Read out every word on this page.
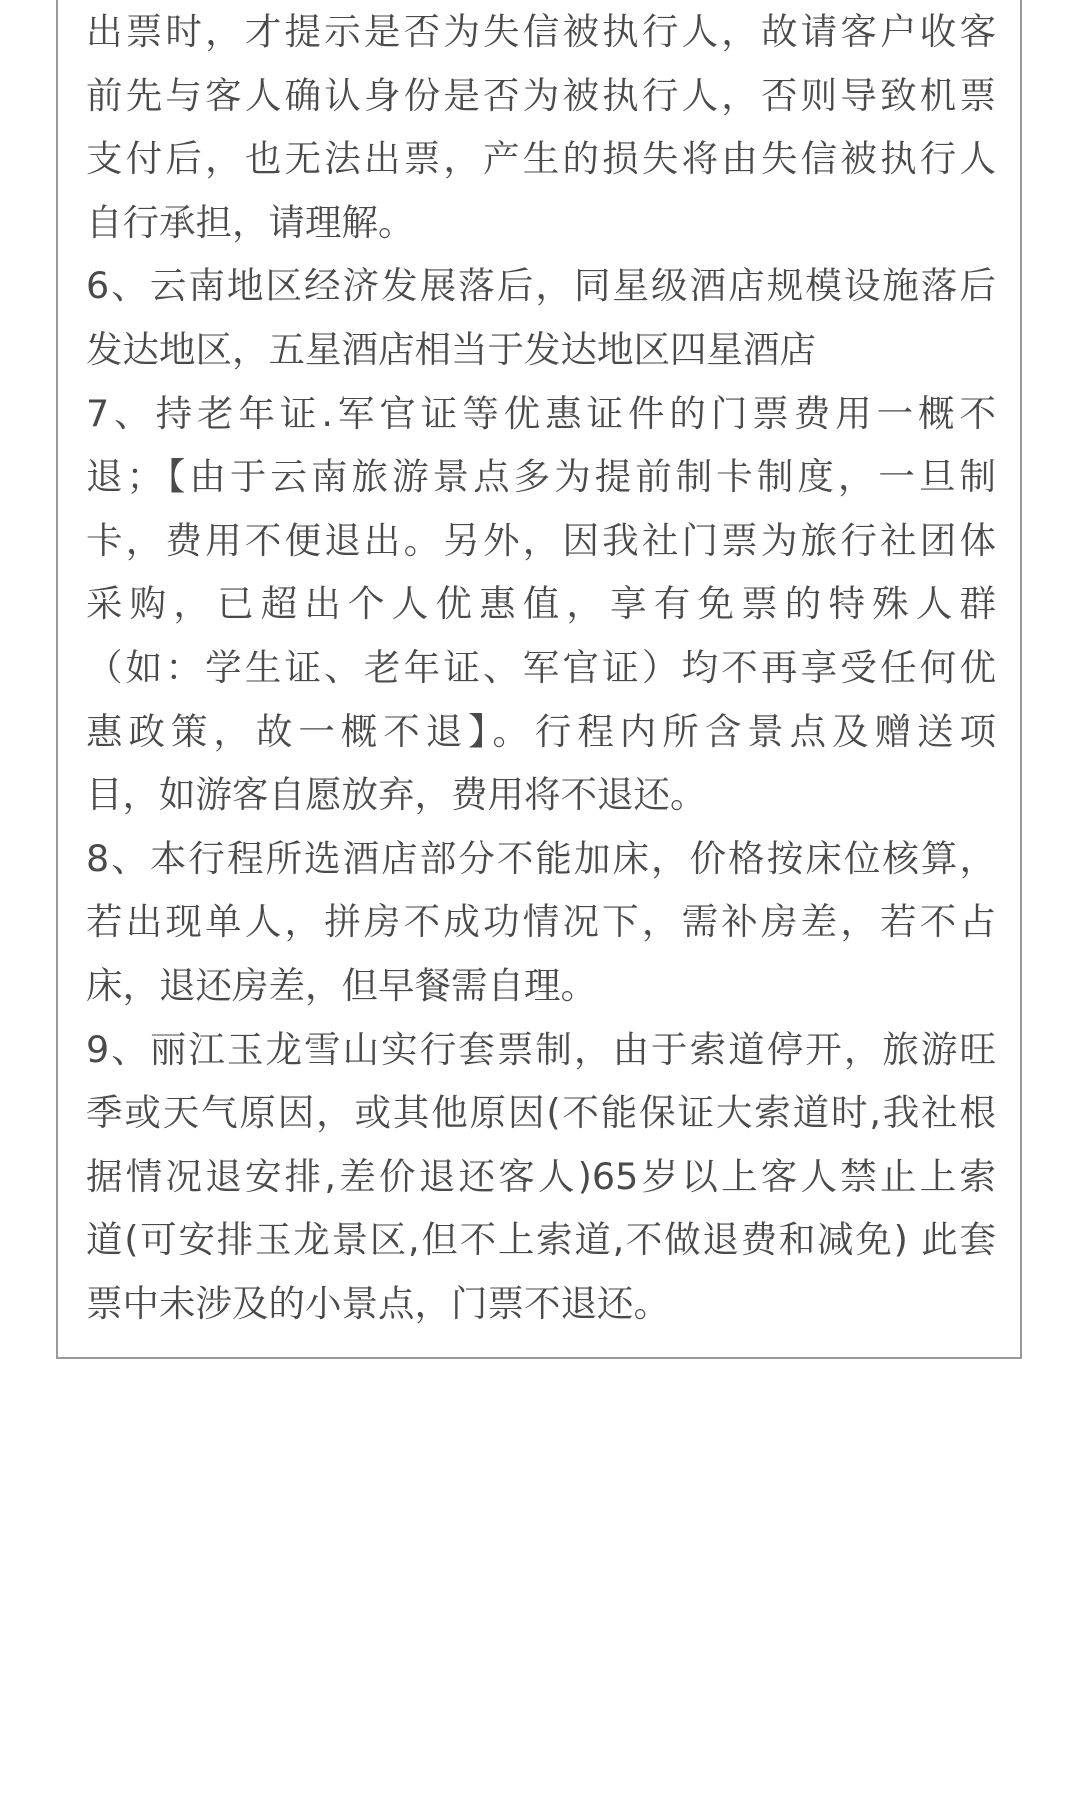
出票时，才提示是否为失信被执行人，故请客户收客
前先与客人确认身份是否为被执行人，否则导致机票
支付后，也无法出票，产生的损失将由失信被执行人
自行承担，请理解。
6、云南地区经济发展落后，同星级酒店规模设施落后
发达地区，五星酒店相当于发达地区四星酒店
7、持老年证.军官证等优惠证件的门票费用一概不
退；【由于云南旅游景点多为提前制卡制度，一旦制
卡，费用不便退出。另外，因我社门票为旅行社团体
采购，已超出个人优惠值，享有免票的特殊人群
（如：学生证、老年证、军官证）均不再享受任何优
惠政策，故一概不退】。行程内所含景点及赠送项
目，如游客自愿放弃，费用将不退还。
8、本行程所选酒店部分不能加床，价格按床位核算，
若出现单人，拼房不成功情况下，需补房差，若不占
床，退还房差，但早餐需自理。
9、丽江玉龙雪山实行套票制，由于索道停开，旅游旺
季或天气原因，或其他原因(不能保证大索道时,我社根
据情况退安排,差价退还客人)65岁以上客人禁止上索
道(可安排玉龙景区,但不上索道,不做退费和减免) 此套
票中未涉及的小景点，门票不退还。
